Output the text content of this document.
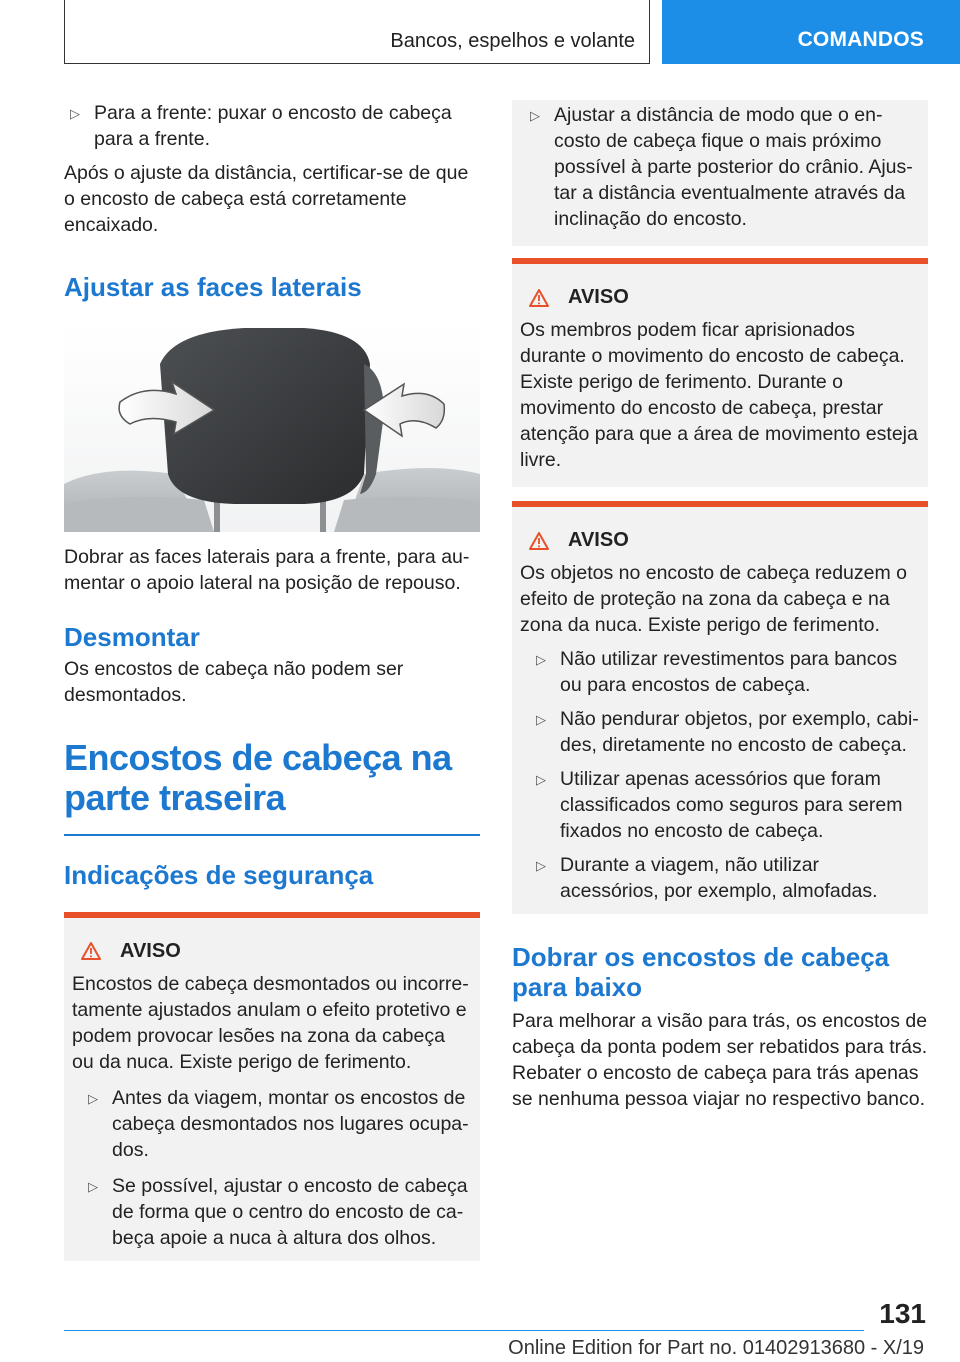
Bancos, espelhos e volante	COMANDOS
▷ Para a frente: puxar o encosto de cabeça para a frente.

Após o ajuste da distância, certificar-se de que o encosto de cabeça está corretamente encaixado.

Ajustar as faces laterais

Dobrar as faces laterais para a frente, para aumentar o apoio lateral na posição de repouso.

Desmontar

Os encostos de cabeça não podem ser desmontados.

Encostos de cabeça na parte traseira
Indicações de segurança
AVISO

Encostos de cabeça desmontados ou incorretamente ajustados anulam o efeito protetivo e podem provocar lesões na zona da cabeça ou da nuca. Existe perigo de ferimento.

▷ Antes da viagem, montar os encostos de cabeça desmontados nos lugares ocupados.
▷ Se possível, ajustar o encosto de cabeça de forma que o centro do encosto de cabeça apoie a nuca à altura dos olhos.
▷ Ajustar a distância de modo que o encosto de cabeça fique o mais próximo possível à parte posterior do crânio. Ajustar a distância eventualmente através da inclinação do encosto.
AVISO

Os membros podem ficar aprisionados durante o movimento do encosto de cabeça. Existe perigo de ferimento. Durante o movimento do encosto de cabeça, prestar atenção para que a área de movimento esteja livre.

AVISO

Os objetos no encosto de cabeça reduzem o efeito de proteção na zona da cabeça e na zona da nuca. Existe perigo de ferimento.

▷ Não utilizar revestimentos para bancos ou para encostos de cabeça.
▷ Não pendurar objetos, por exemplo, cabides, diretamente no encosto de cabeça.
▷ Utilizar apenas acessórios que foram classificados como seguros para serem fixados no encosto de cabeça.
▷ Durante a viagem, não utilizar acessórios, por exemplo, almofadas.
Dobrar os encostos de cabeça para baixo

Para melhorar a visão para trás, os encostos de cabeça da ponta podem ser rebatidos para trás. Rebater o encosto de cabeça para trás apenas se nenhuma pessoa viajar no respectivo banco.

131
Online Edition for Part no. 01402913680 - X/19
